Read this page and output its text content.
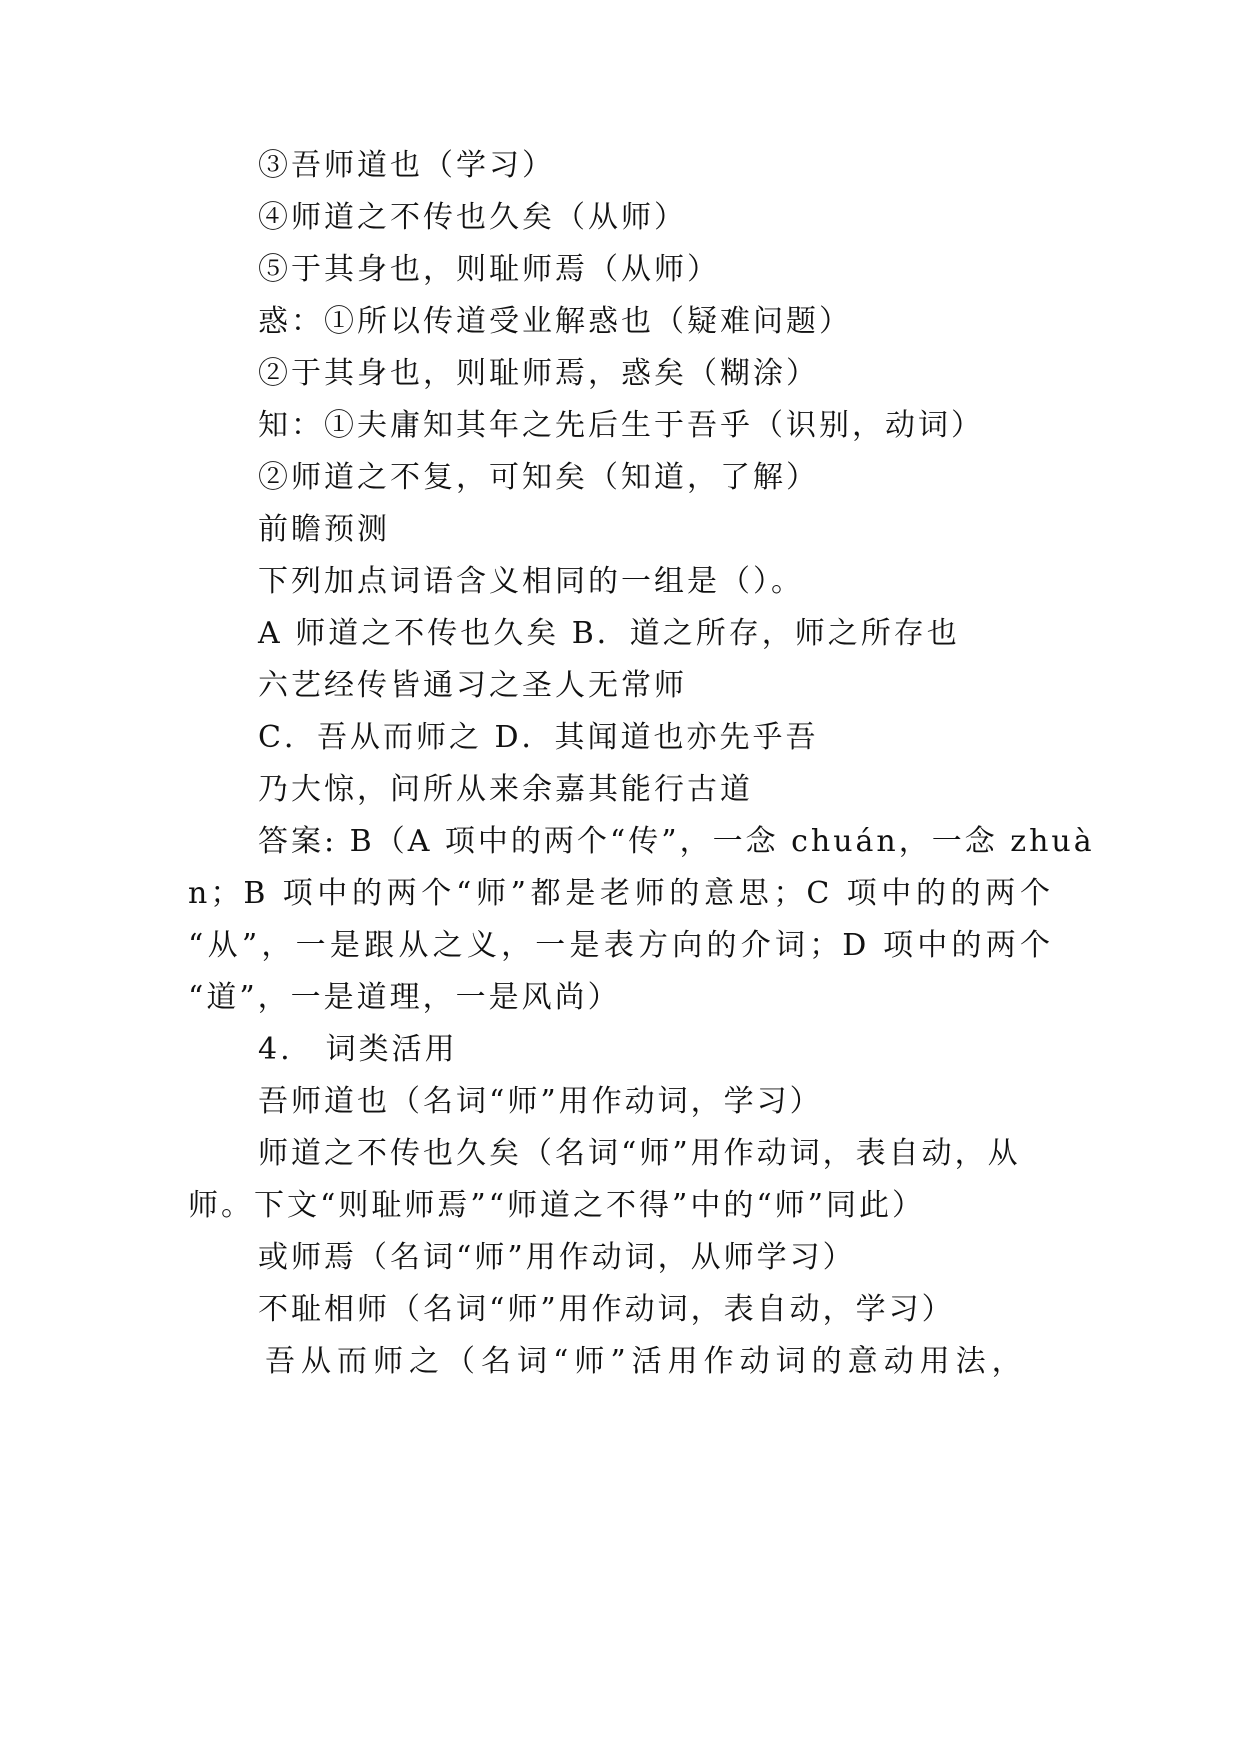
③吾师道也（学习）
④师道之不传也久矣（从师）
⑤于其身也，则耻师焉（从师）
惑：①所以传道受业解惑也（疑难问题）
②于其身也，则耻师焉，惑矣（糊涂）
知：①夫庸知其年之先后生于吾乎（识别，动词）
②师道之不复，可知矣（知道，了解）
前瞻预测
下列加点词语含义相同的一组是（）。
A 师道之不传也久矣 B．道之所存，师之所存也
六艺经传皆通习之圣人无常师
C．吾从而师之 D．其闻道也亦先乎吾
乃大惊，问所从来余嘉其能行古道
答案: B（A 项中的两个“传”，一念 chuán，一念 zhuà
n；B 项中的两个“师”都是老师的意思；C 项中的的两个
“从”，一是跟从之义，一是表方向的介词；D 项中的两个
“道”，一是道理，一是风尚）
4.　词类活用
吾师道也（名词“师”用作动词，学习）
师道之不传也久矣（名词“师”用作动词，表自动，从
师。下文“则耻师焉”“师道之不得”中的“师”同此）
或师焉（名词“师”用作动词，从师学习）
不耻相师（名词“师”用作动词，表自动，学习）
吾从而师之（名词“师”活用作动词的意动用法，
